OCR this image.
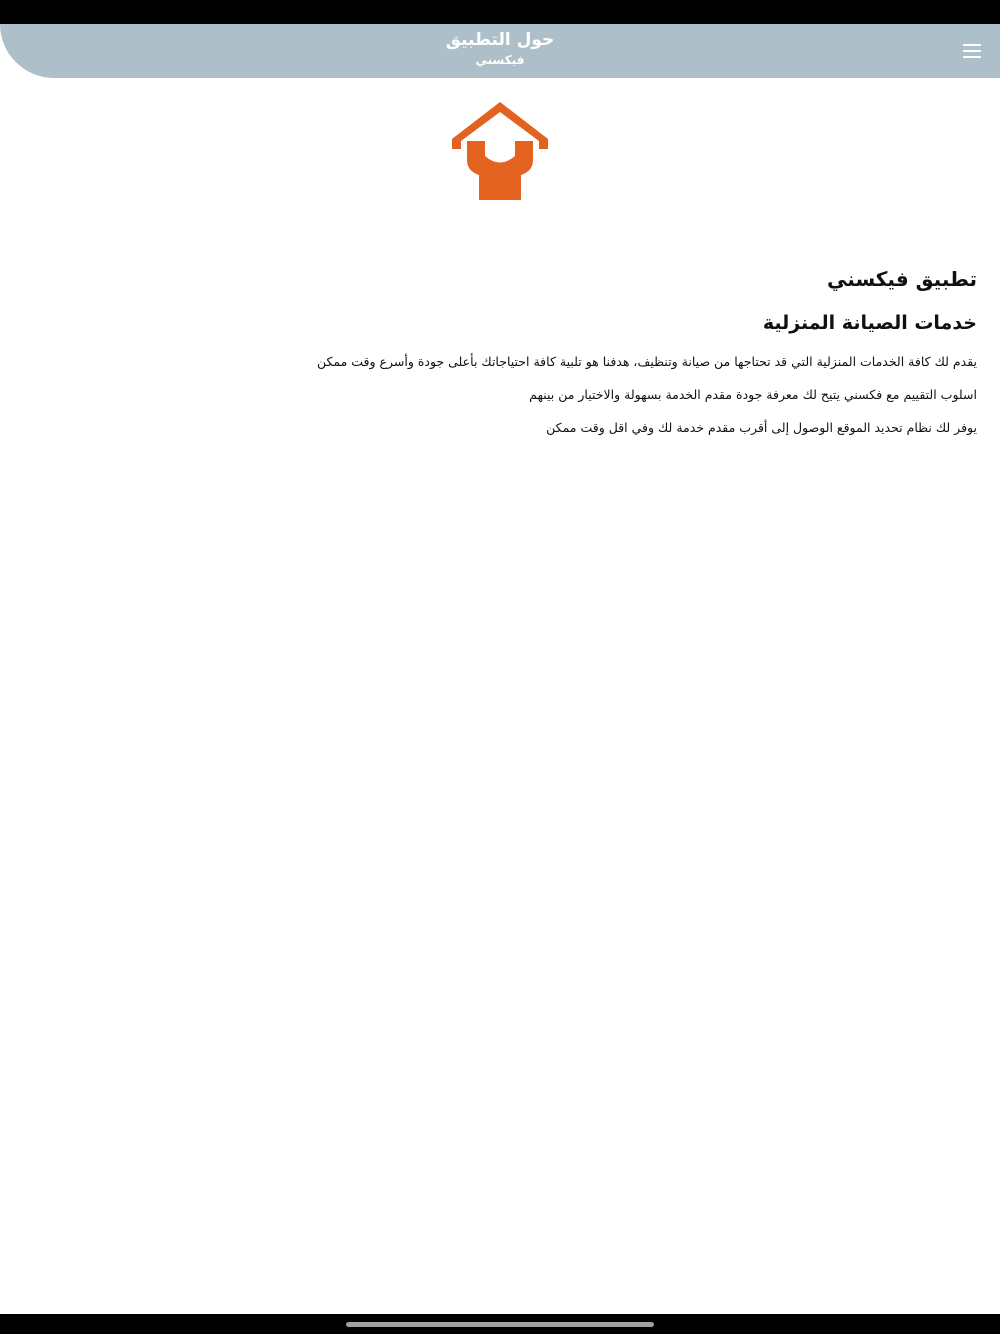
حول التطبيق
فيكسني
تطبيق فيكسني
خدمات الصيانة المنزلية

يقدم لك كافة الخدمات المنزلية التي قد تحتاجها من صيانة وتنظيف، هدفنا هو تلبية كافة احتياجاتك بأعلى جودة وأسرع وقت ممكن

اسلوب التقييم مع فكسني يتيح لك معرفة جودة مقدم الخدمة بسهولة والاختيار من بينهم

يوفر لك نظام تحديد الموقع الوصول إلى أقرب مقدم خدمة لك وفي اقل وقت ممكن
